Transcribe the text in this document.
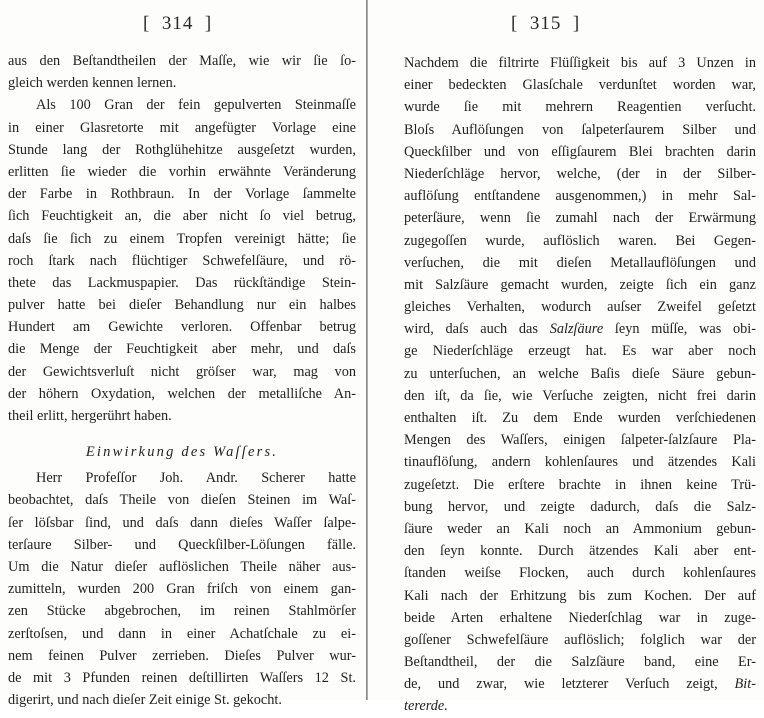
[  314  ]
aus den Beſtandtheilen der Maſſe, wie wir ſie ſo-
gleich werden kennen lernen.
Als 100 Gran der fein gepulverten Steinmaſſe
in einer Glasretorte mit angefügter Vorlage eine
Stunde lang der Rothglühehitze ausgeſetzt wurden,
erlitten ſie wieder die vorhin erwähnte Veränderung
der Farbe in Rothbraun. In der Vorlage ſammelte
ſich Feuchtigkeit an, die aber nicht ſo viel betrug,
daſs ſie ſich zu einem Tropfen vereinigt hätte; ſie
roch ſtark nach flüchtiger Schwefelſäure, und rö-
thete das Lackmuspapier. Das rückſtändige Stein-
pulver hatte bei dieſer Behandlung nur ein halbes
Hundert am Gewichte verloren. Offenbar betrug
die Menge der Feuchtigkeit aber mehr, und daſs
der Gewichtsverluſt nicht gröſser war, mag von
der höhern Oxydation, welchen der metalliſche An-
theil erlitt, hergerührt haben.
Einwirkung des Waſſers.
Herr Profeſſor Joh. Andr. Scherer hatte
beobachtet, daſs Theile von dieſen Steinen im Waſ-
ſer löſsbar ſind, und daſs dann dieſes Waſſer ſalpe-
terſaure Silber- und Queckſilber-Löſungen fälle.
Um die Natur dieſer auflöslichen Theile näher aus-
zumitteln, wurden 200 Gran friſch von einem gan-
zen Stücke abgebrochen, im reinen Stahlmörſer
zerſtoſsen, und dann in einer Achatſchale zu ei-
nem feinen Pulver zerrieben. Dieſes Pulver wur-
de mit 3 Pfunden reinen deſtillirten Waſſers 12 St.
digerirt, und nach dieſer Zeit einige St. gekocht.
[  315  ]
Nachdem die filtrirte Flüſſigkeit bis auf 3 Unzen in
einer bedeckten Glasſchale verdunſtet worden war,
wurde ſie mit mehrern Reagentien verſucht.
Bloſs Auflöſungen von ſalpeterſaurem Silber und
Queckſilber und von eſſigſaurem Blei brachten darin
Niederſchläge hervor, welche, (der in der Silber-
auflöſung entſtandene ausgenommen,) in mehr Sal-
peterſäure, wenn ſie zumahl nach der Erwärmung
zugegoſſen wurde, auflöslich waren. Bei Gegen-
verſuchen, die mit dieſen Metallauflöſungen und
mit Salzſäure gemacht wurden, zeigte ſich ein ganz
gleiches Verhalten, wodurch auſser Zweifel geſetzt
wird, daſs auch das Salzſäure ſeyn müſſe, was obi-
ge Niederſchläge erzeugt hat. Es war aber noch
zu unterſuchen, an welche Baſis dieſe Säure gebun-
den iſt, da ſie, wie Verſuche zeigten, nicht frei darin
enthalten iſt. Zu dem Ende wurden verſchiedenen
Mengen des Waſſers, einigen ſalpeter-ſalzſaure Pla-
tinauflöſung, andern kohlenſaures und ätzendes Kali
zugeſetzt. Die erſtere brachte in ihnen keine Trü-
bung hervor, und zeigte dadurch, daſs die Salz-
ſäure weder an Kali noch an Ammonium gebun-
den ſeyn konnte. Durch ätzendes Kali aber ent-
ſtanden weiſse Flocken, auch durch kohlenſaures
Kali nach der Erhitzung bis zum Kochen. Der auf
beide Arten erhaltene Niederſchlag war in zuge-
goſſener Schwefelſäure auflöslich; folglich war der
Beſtandtheil, der die Salzſäure band, eine Er-
de, und zwar, wie letzterer Verſuch zeigt, Bit-
tererde.
